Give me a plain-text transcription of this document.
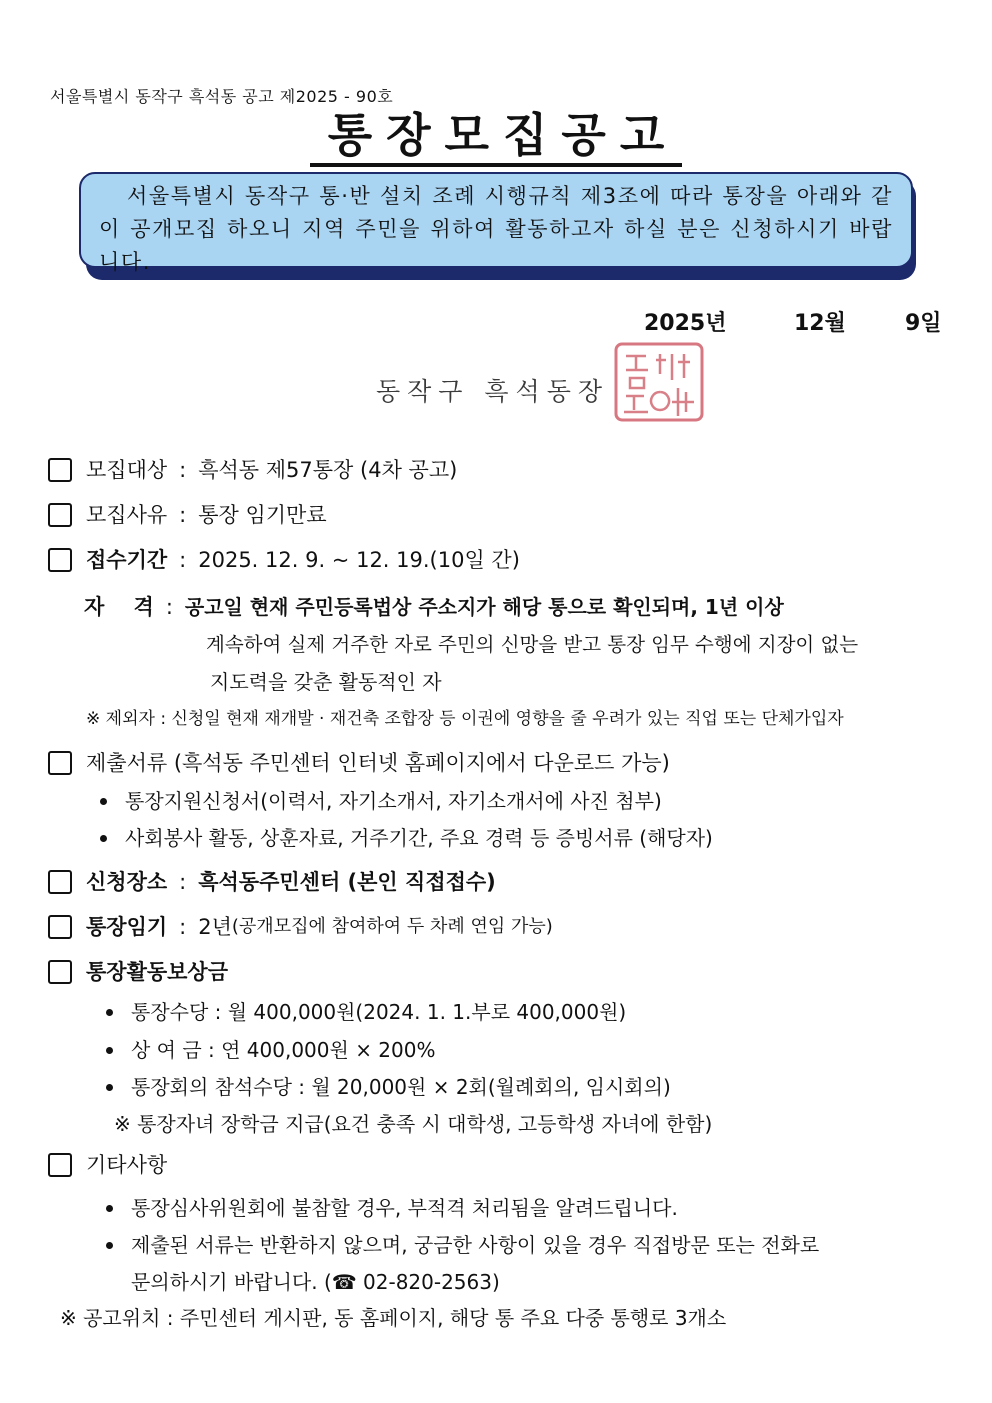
서울특별시 동작구 흑석동 공고 제2025 - 90호
통장모집공고
서울특별시 동작구 통·반 설치 조례 시행규칙 제3조에 따라 통장을 아래와 같이 공개모집 하오니 지역 주민을 위하여 활동하고자 하실 분은 신청하시기 바랍니다.
2025년	12월	9일
동작구 흑석동장
모집대상 : 흑석동 제57통장 (4차 공고)
모집사유 : 통장 임기만료
접수기간 : 2025. 12. 9. ~ 12. 19.(10일 간)
자    격 : 공고일 현재 주민등록법상 주소지가 해당 통으로 확인되며, 1년 이상
계속하여 실제 거주한 자로 주민의 신망을 받고 통장 임무 수행에 지장이 없는
지도력을 갖춘 활동적인 자
※ 제외자 : 신청일 현재 재개발 · 재건축 조합장 등 이권에 영향을 줄 우려가 있는 직업 또는 단체가입자
제출서류 (흑석동 주민센터 인터넷 홈페이지에서 다운로드 가능)
통장지원신청서(이력서, 자기소개서, 자기소개서에 사진 첨부)
사회봉사 활동, 상훈자료, 거주기간, 주요 경력 등 증빙서류 (해당자)
신청장소 : 흑석동주민센터 (본인 직접접수)
통장임기 : 2년 (공개모집에 참여하여 두 차례 연임 가능)
통장활동보상금
통장수당 : 월 400,000원(2024. 1. 1.부로 400,000원)
상 여 금 : 연 400,000원 × 200%
통장회의 참석수당 : 월 20,000원 × 2회(월례회의, 임시회의)
※ 통장자녀 장학금 지급(요건 충족 시 대학생, 고등학생 자녀에 한함)
기타사항
통장심사위원회에 불참할 경우, 부적격 처리됨을 알려드립니다.
제출된 서류는 반환하지 않으며, 궁금한 사항이 있을 경우 직접방문 또는 전화로
문의하시기 바랍니다. (☎ 02-820-2563)
※ 공고위치 : 주민센터 게시판, 동 홈페이지, 해당 통 주요 다중 통행로 3개소
